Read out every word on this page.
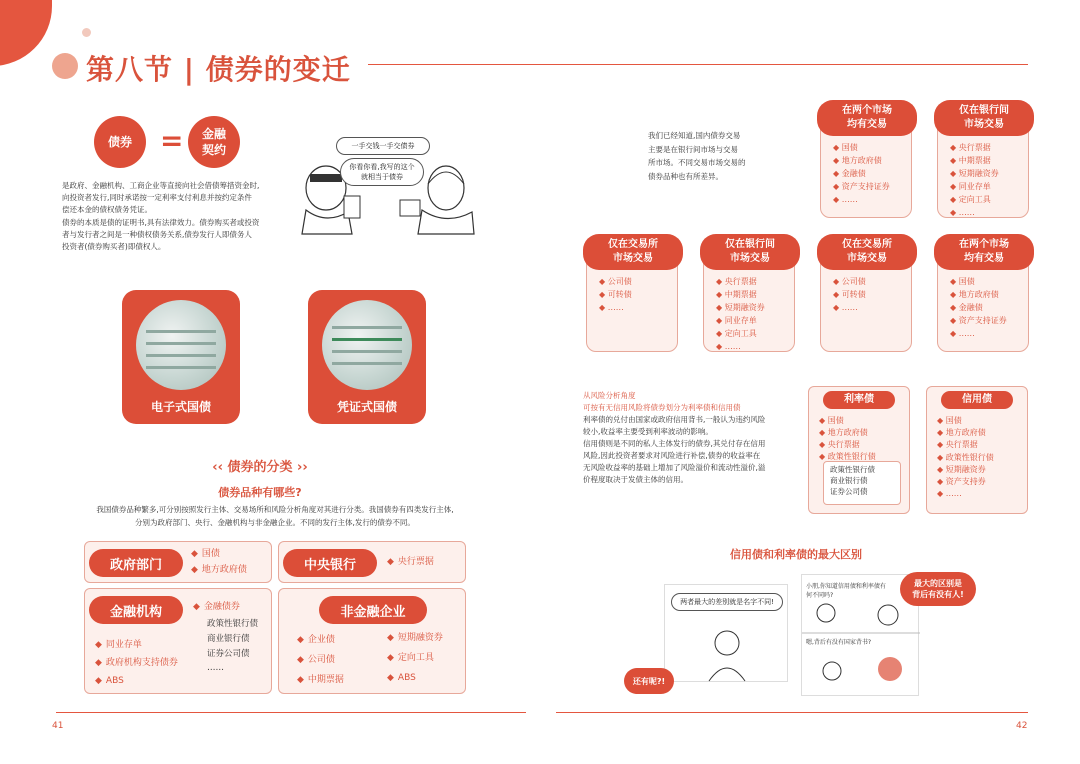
第八节 | 债券的变迁
债券 = 金融
契约
是政府、金融机构、工商企业等直接向社会借债筹措资金时,
向投资者发行,同时承诺按一定利率支付利息并按约定条件
偿还本金的债权债务凭证。
债券的本质是债的证明书,具有法律效力。债券购买者或投资
者与发行者之间是一种债权债务关系,债券发行人即债务人
投资者(债券购买者)即债权人。
一手交钱一手交债券
你看你看,我写的这个
就相当于债券
电子式国债	凭证式国债
‹‹ 债券的分类 ››
债券品种有哪些?
我国债券品种繁多,可分别按照发行主体、交易场所和风险分析角度对其进行分类。我国债券有四类发行主体,
分别为政府部门、央行、金融机构与非金融企业。不同的发行主体,发行的债券不同。
政府部门
◆ 国债
◆ 地方政府债	中央银行	◆ 央行票据
金融机构	◆ 金融债券
政策性银行债
商业银行债
证券公司债
……
◆ 同业存单
◆ 政府机构支持债券
◆ ABS
非金融企业
◆ 企业债
◆ 公司债
◆ 中期票据
◆ 短期融资券
◆ 定向工具
◆ ABS
我们已经知道,国内债券交易
主要是在银行间市场与交易
所市场。不同交易市场交易的
债券品种也有所差异。
在两个市场
均有交易
◆ 国债
◆ 地方政府债
◆ 金融债
◆ 资产支持证券
◆ ……
仅在银行间
市场交易
◆ 央行票据
◆ 中期票据
◆ 短期融资券
◆ 同业存单
◆ 定向工具
◆ ……
仅在交易所
市场交易
◆ 公司债
◆ 可转债
◆ ……
仅在银行间
市场交易
◆ 央行票据
◆ 中期票据
◆ 短期融资券
◆ 同业存单
◆ 定向工具
◆ ……
仅在交易所
市场交易
◆ 公司债
◆ 可转债
◆ ……
在两个市场
均有交易
◆ 国债
◆ 地方政府债
◆ 金融债
◆ 资产支持证券
◆ ……
从风险分析角度
可按有无信用风险将债券划分为利率债和信用债
利率债的兑付由国家或政府信用背书,一般认为违约风险
较小,收益率主要受到利率波动的影响。
信用债则是不同的私人主体发行的债券,其兑付存在信用
风险,因此投资者要求对风险进行补偿,债券的收益率在
无风险收益率的基础上增加了风险溢价和流动性溢价,溢
价程度取决于发债主体的信用。
利率债
◆ 国债
◆ 地方政府债
◆ 央行票据
◆ 政策性银行债
政策性银行债
商业银行债
证券公司债
信用债
◆ 国债
◆ 地方政府债
◆ 央行票据
◆ 政策性银行债
◆ 短期融资券
◆ 资产支持券
◆ ……
信用债和利率债的最大区别
两者最大的差别就是名字不同!
还有呢?!
小朋,你知道信用债和利率债有何不同吗?
嗯,背后有没有国家背书?
最大的区别是
背后有没有人!
41	42
